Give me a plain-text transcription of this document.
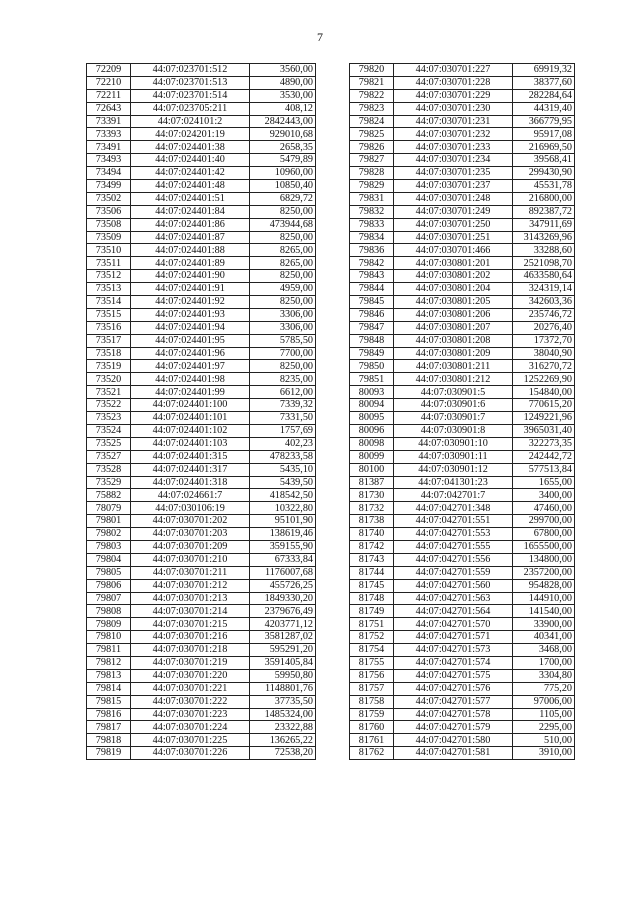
7
72209	44:07:023701:512	3560,00
72210	44:07:023701:513	4890,00
72211	44:07:023701:514	3530,00
72643	44:07:023705:211	408,12
73391	44:07:024101:2	2842443,00
73393	44:07:024201:19	929010,68
73491	44:07:024401:38	2658,35
73493	44:07:024401:40	5479,89
73494	44:07:024401:42	10960,00
73499	44:07:024401:48	10850,40
73502	44:07:024401:51	6829,72
73506	44:07:024401:84	8250,00
73508	44:07:024401:86	473944,68
73509	44:07:024401:87	8250,00
73510	44:07:024401:88	8265,00
73511	44:07:024401:89	8265,00
73512	44:07:024401:90	8250,00
73513	44:07:024401:91	4959,00
73514	44:07:024401:92	8250,00
73515	44:07:024401:93	3306,00
73516	44:07:024401:94	3306,00
73517	44:07:024401:95	5785,50
73518	44:07:024401:96	7700,00
73519	44:07:024401:97	8250,00
73520	44:07:024401:98	8235,00
73521	44:07:024401:99	6612,00
73522	44:07:024401:100	7339,32
73523	44:07:024401:101	7331,50
73524	44:07:024401:102	1757,69
73525	44:07:024401:103	402,23
73527	44:07:024401:315	478233,58
73528	44:07:024401:317	5435,10
73529	44:07:024401:318	5439,50
75882	44:07:024661:7	418542,50
78079	44:07:030106:19	10322,80
79801	44:07:030701:202	95101,90
79802	44:07:030701:203	138619,46
79803	44:07:030701:209	359155,90
79804	44:07:030701:210	67333,84
79805	44:07:030701:211	1176007,68
79806	44:07:030701:212	455726,25
79807	44:07:030701:213	1849330,20
79808	44:07:030701:214	2379676,49
79809	44:07:030701:215	4203771,12
79810	44:07:030701:216	3581287,02
79811	44:07:030701:218	595291,20
79812	44:07:030701:219	3591405,84
79813	44:07:030701:220	59950,80
79814	44:07:030701:221	1148801,76
79815	44:07:030701:222	37735,50
79816	44:07:030701:223	1485324,00
79817	44:07:030701:224	23322,88
79818	44:07:030701:225	136265,22
79819	44:07:030701:226	72538,20
79820	44:07:030701:227	69919,32
79821	44:07:030701:228	38377,60
79822	44:07:030701:229	282284,64
79823	44:07:030701:230	44319,40
79824	44:07:030701:231	366779,95
79825	44:07:030701:232	95917,08
79826	44:07:030701:233	216969,50
79827	44:07:030701:234	39568,41
79828	44:07:030701:235	299430,90
79829	44:07:030701:237	45531,78
79831	44:07:030701:248	216800,00
79832	44:07:030701:249	892387,72
79833	44:07:030701:250	347911,69
79834	44:07:030701:251	3143269,96
79836	44:07:030701:466	33288,60
79842	44:07:030801:201	2521098,70
79843	44:07:030801:202	4633580,64
79844	44:07:030801:204	324319,14
79845	44:07:030801:205	342603,36
79846	44:07:030801:206	235746,72
79847	44:07:030801:207	20276,40
79848	44:07:030801:208	17372,70
79849	44:07:030801:209	38040,90
79850	44:07:030801:211	316270,72
79851	44:07:030801:212	1252269,90
80093	44:07:030901:5	154840,00
80094	44:07:030901:6	770615,20
80095	44:07:030901:7	1249221,96
80096	44:07:030901:8	3965031,40
80098	44:07:030901:10	322273,35
80099	44:07:030901:11	242442,72
80100	44:07:030901:12	577513,84
81387	44:07:041301:23	1655,00
81730	44:07:042701:7	3400,00
81732	44:07:042701:348	47460,00
81738	44:07:042701:551	299700,00
81740	44:07:042701:553	67800,00
81742	44:07:042701:555	1655500,00
81743	44:07:042701:556	134800,00
81744	44:07:042701:559	2357200,00
81745	44:07:042701:560	954828,00
81748	44:07:042701:563	144910,00
81749	44:07:042701:564	141540,00
81751	44:07:042701:570	33900,00
81752	44:07:042701:571	40341,00
81754	44:07:042701:573	3468,00
81755	44:07:042701:574	1700,00
81756	44:07:042701:575	3304,80
81757	44:07:042701:576	775,20
81758	44:07:042701:577	97006,00
81759	44:07:042701:578	1105,00
81760	44:07:042701:579	2295,00
81761	44:07:042701:580	510,00
81762	44:07:042701:581	3910,00
